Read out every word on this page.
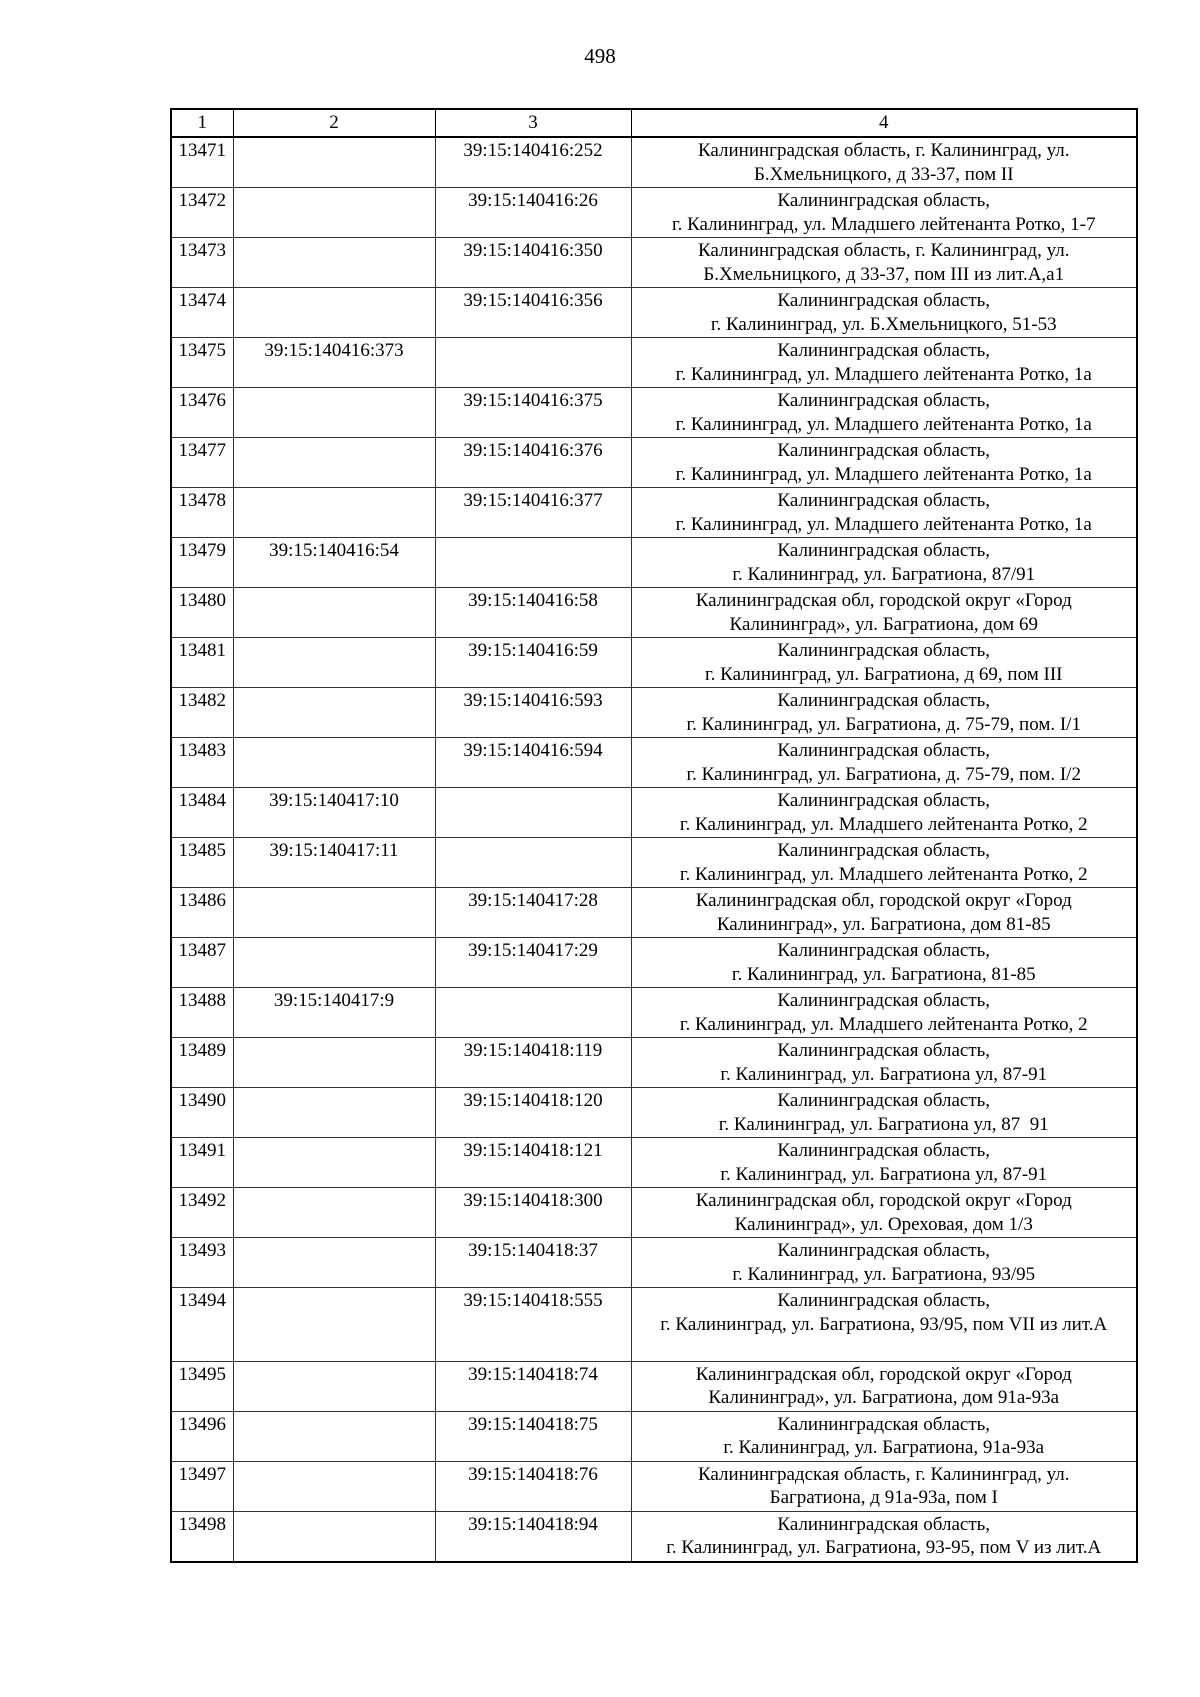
498
1	2	3	4
13471		39:15:140416:252	Калининградская область, г. Калининград, ул.
Б.Хмельницкого, д 33-37, пом II

13472		39:15:140416:26	Калининградская область,
г. Калининград, ул. Младшего лейтенанта Ротко, 1-7

13473		39:15:140416:350	Калининградская область, г. Калининград, ул.
Б.Хмельницкого, д 33-37, пом III из лит.А,а1

13474		39:15:140416:356	Калининградская область,
г. Калининград, ул. Б.Хмельницкого, 51-53

13475	39:15:140416:373		Калининградская область,
г. Калининград, ул. Младшего лейтенанта Ротко, 1а

13476		39:15:140416:375	Калининградская область,
г. Калининград, ул. Младшего лейтенанта Ротко, 1а

13477		39:15:140416:376	Калининградская область,
г. Калининград, ул. Младшего лейтенанта Ротко, 1а

13478		39:15:140416:377	Калининградская область,
г. Калининград, ул. Младшего лейтенанта Ротко, 1а

13479	39:15:140416:54		Калининградская область,
г. Калининград, ул. Багратиона, 87/91

13480		39:15:140416:58	Калининградская обл, городской округ «Город
Калининград», ул. Багратиона, дом 69

13481		39:15:140416:59	Калининградская область,
г. Калининград, ул. Багратиона, д 69, пом III

13482		39:15:140416:593	Калининградская область,
г. Калининград, ул. Багратиона, д. 75-79, пом. I/1

13483		39:15:140416:594	Калининградская область,
г. Калининград, ул. Багратиона, д. 75-79, пом. I/2

13484	39:15:140417:10		Калининградская область,
г. Калининград, ул. Младшего лейтенанта Ротко, 2

13485	39:15:140417:11		Калининградская область,
г. Калининград, ул. Младшего лейтенанта Ротко, 2

13486		39:15:140417:28	Калининградская обл, городской округ «Город
Калининград», ул. Багратиона, дом 81-85

13487		39:15:140417:29	Калининградская область,
г. Калининград, ул. Багратиона, 81-85

13488	39:15:140417:9		Калининградская область,
г. Калининград, ул. Младшего лейтенанта Ротко, 2

13489		39:15:140418:119	Калининградская область,
г. Калининград, ул. Багратиона ул, 87-91

13490		39:15:140418:120	Калининградская область,
г. Калининград, ул. Багратиона ул, 87  91

13491		39:15:140418:121	Калининградская область,
г. Калининград, ул. Багратиона ул, 87-91

13492		39:15:140418:300	Калининградская обл, городской округ «Город
Калининград», ул. Ореховая, дом 1/3

13493		39:15:140418:37	Калининградская область,
г. Калининград, ул. Багратиона, 93/95

13494		39:15:140418:555	Калининградская область,
г. Калининград, ул. Багратиона, 93/95, пом VII из лит.А

13495		39:15:140418:74	Калининградская обл, городской округ «Город
Калининград», ул. Багратиона, дом 91а-93а

13496		39:15:140418:75	Калининградская область,
г. Калининград, ул. Багратиона, 91а-93а

13497		39:15:140418:76	Калининградская область, г. Калининград, ул.
Багратиона, д 91а-93а, пом I

13498		39:15:140418:94	Калининградская область,
г. Калининград, ул. Багратиона, 93-95, пом V из лит.А
